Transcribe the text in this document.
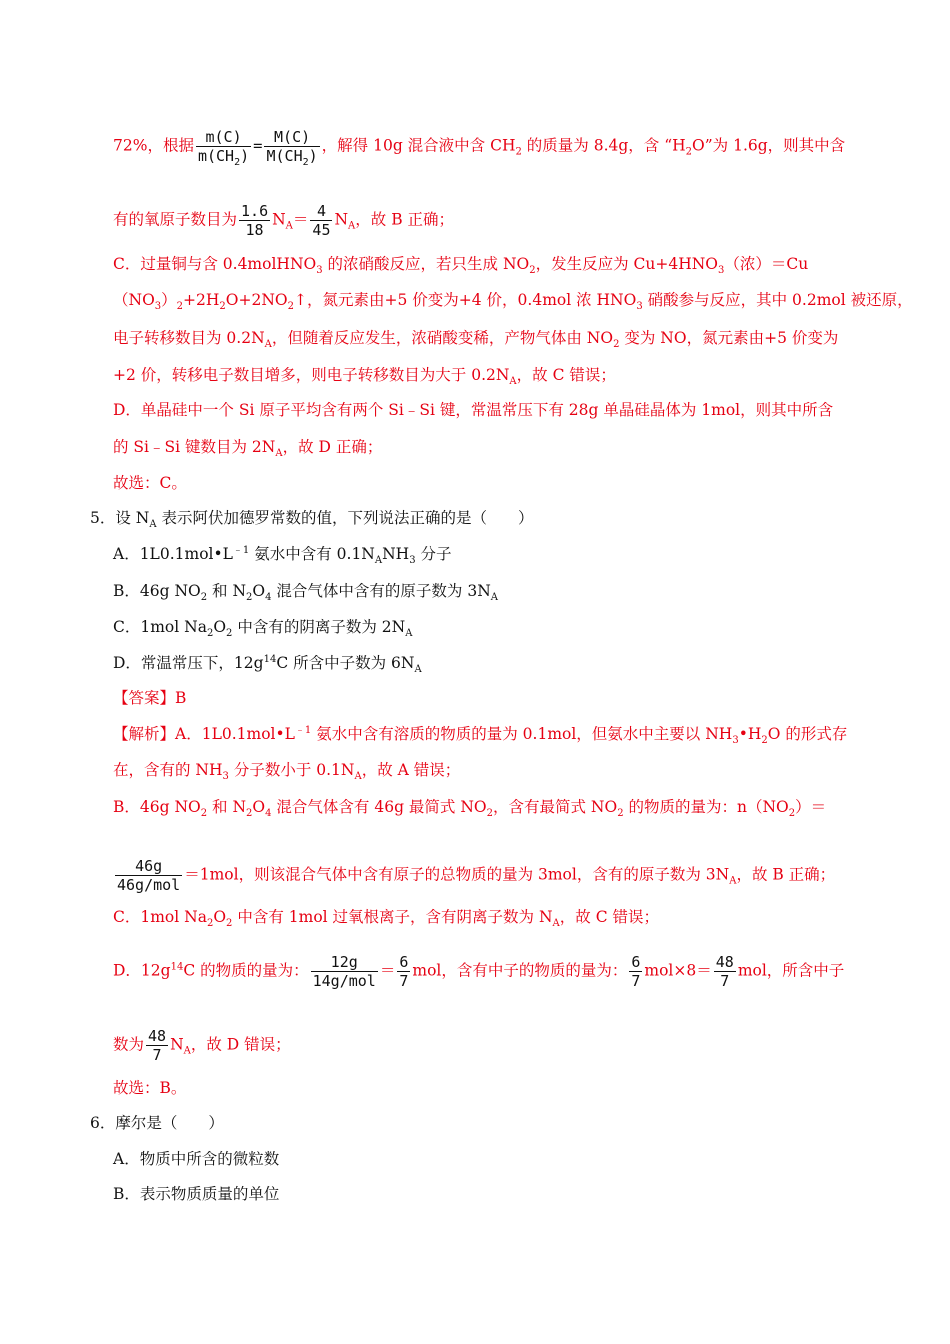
72%，根据 $\frac{m(C)}{m(CH_2)} = \frac{M(C)}{M(CH_2)}$ ，解得 10g 混合液中含 $CH_2$ 的质量为 8.4g，含 “$H_2O$”为 1.6g，则其中含
有的氧原子数目为 $\frac{1.6}{18} N_A= \frac{4}{45} N_A$，故 B 正确；
C．过量铜与含 0.4molHNO$_3$ 的浓硝酸反应，若只生成 $NO_2$，发生反应为 $Cu+4HNO_3$（浓）＝Cu
$(NO_3)_2+2H_2O+2NO_2↑$，氮元素由+5 价变为+4 价，0.4mol 浓 $HNO_3$ 硝酸参与反应，其中 0.2mol 被还原，
电子转移数目为 $0.2N_A$，但随着反应发生，浓硝酸变稀，产物气体由 $NO_2$ 变为 NO，氮元素由+5 价变为
+2 价，转移电子数目增多，则电子转移数目为大于 $0.2N_A$，故 C 错误；
D．单晶硅中一个 Si 原子平均含有两个 Si﹣Si 键，常温常压下有 28g 单晶硅晶体为 1mol，则其中所含
的 Si﹣Si 键数目为 $2N_A$，故 D 正确；
故选：C。
5．设 $N_A$ 表示阿伏加德罗常数的值，下列说法正确的是（　　）
A．$1L0.1mol•L^{﹣1}$ 氨水中含有 $0.1N_ANH_3$ 分子
B．46g $NO_2$ 和 $N_2O_4$ 混合气体中含有的原子数为 $3N_A$
C．1mol $Na_2O_2$ 中含有的阴离子数为 $2N_A$
D．常温常压下，$12g^{14}C$ 所含中子数为 $6N_A$
【答案】B
【解析】A．$1L0.1mol•L^{﹣1}$ 氨水中含有溶质的物质的量为 0.1mol，但氨水中主要以 $NH_3•H_2O$ 的形式存
在，含有的 $NH_3$ 分子数小于 $0.1N_A$，故 A 错误；
B．46g $NO_2$ 和 $N_2O_4$ 混合气体含有 46g 最简式 $NO_2$，含有最简式 $NO_2$ 的物质的量为：$n(NO_2)=$
$\frac{46g}{\text{46g/mol}} =1mol$，则该混合气体中含有原子的总物质的量为 3mol，含有的原子数为 $3N_A$，故 B 正确；
C．1mol $Na_2O_2$ 中含有 1mol 过氧根离子，含有阴离子数为 $N_A$，故 C 错误；
D．$12g^{14}C$ 的物质的量为： $\frac{12g}{\text{14g/mol}} = \frac{6}{7}$ mol，含有中子的物质的量为： $\frac{6}{7} mol\times 8= \frac{48}{7}$ mol，所含中子
数为 $\frac{48}{7} N_A$，故 D 错误；
故选：B。
6．摩尔是（　　）
A．物质中所含的微粒数
B．表示物质质量的单位
